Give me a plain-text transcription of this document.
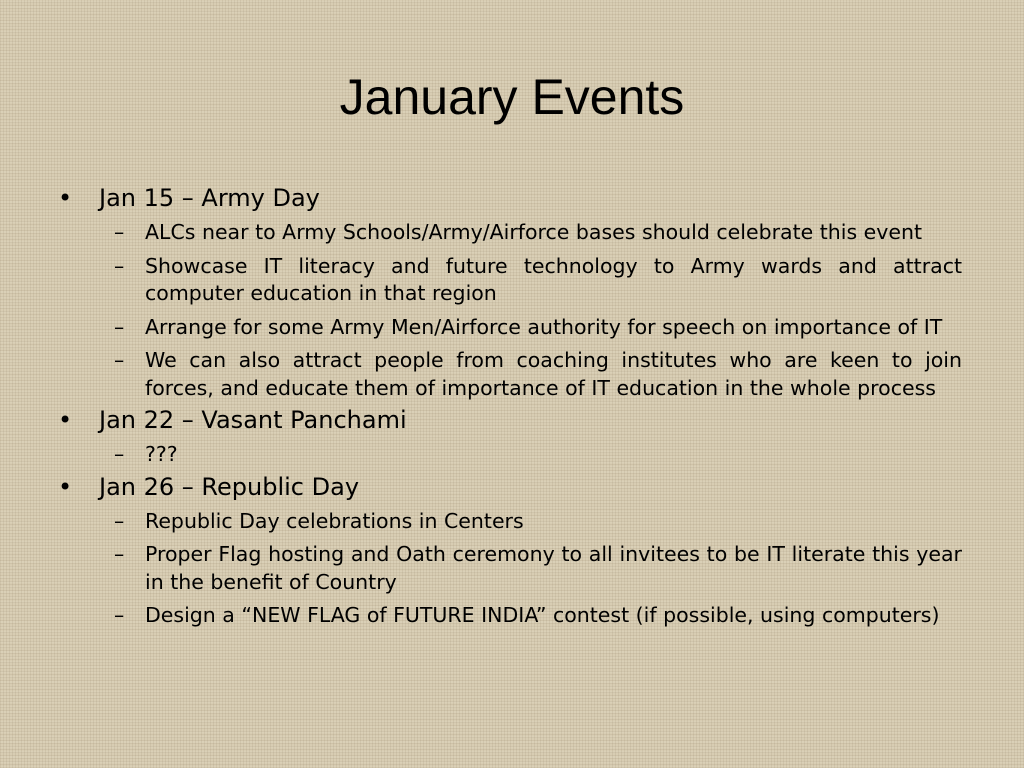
January Events
• Jan 15 – Army Day
– ALCs near to Army Schools/Army/Airforce bases should celebrate this event
– Showcase IT literacy and future technology to Army wards and attract computer education in that region
– Arrange for some Army Men/Airforce authority for speech on importance of IT
– We can also attract people from coaching institutes who are keen to join forces, and educate them of importance of IT education in the whole process
• Jan 22 – Vasant Panchami
– ???
• Jan 26 – Republic Day
– Republic Day celebrations in Centers
– Proper Flag hosting and Oath ceremony to all invitees to be IT literate this year in the benefit of Country
– Design a “NEW FLAG of FUTURE INDIA” contest (if possible, using computers)
